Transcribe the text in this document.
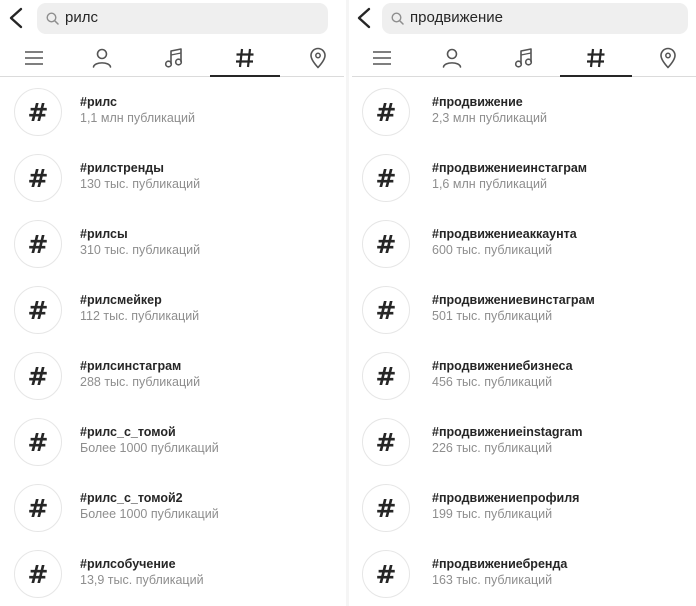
рилс
#	#рилс
1,1 млн публикаций
#	#рилстренды
130 тыс. публикаций
#	#рилсы
310 тыс. публикаций
#	#рилсмейкер
112 тыс. публикаций
#	#рилсинстаграм
288 тыс. публикаций
#	#рилс_с_томой
Более 1000 публикаций
#	#рилс_с_томой2
Более 1000 публикаций
#	#рилсобучение
13,9 тыс. публикаций
продвижение
#	#продвижение
2,3 млн публикаций
#	#продвижениеинстаграм
1,6 млн публикаций
#	#продвижениеаккаунта
600 тыс. публикаций
#	#продвижениевинстаграм
501 тыс. публикаций
#	#продвижениебизнеса
456 тыс. публикаций
#	#продвижениеinstagram
226 тыс. публикаций
#	#продвижениепрофиля
199 тыс. публикаций
#	#продвижениебренда
163 тыс. публикаций
